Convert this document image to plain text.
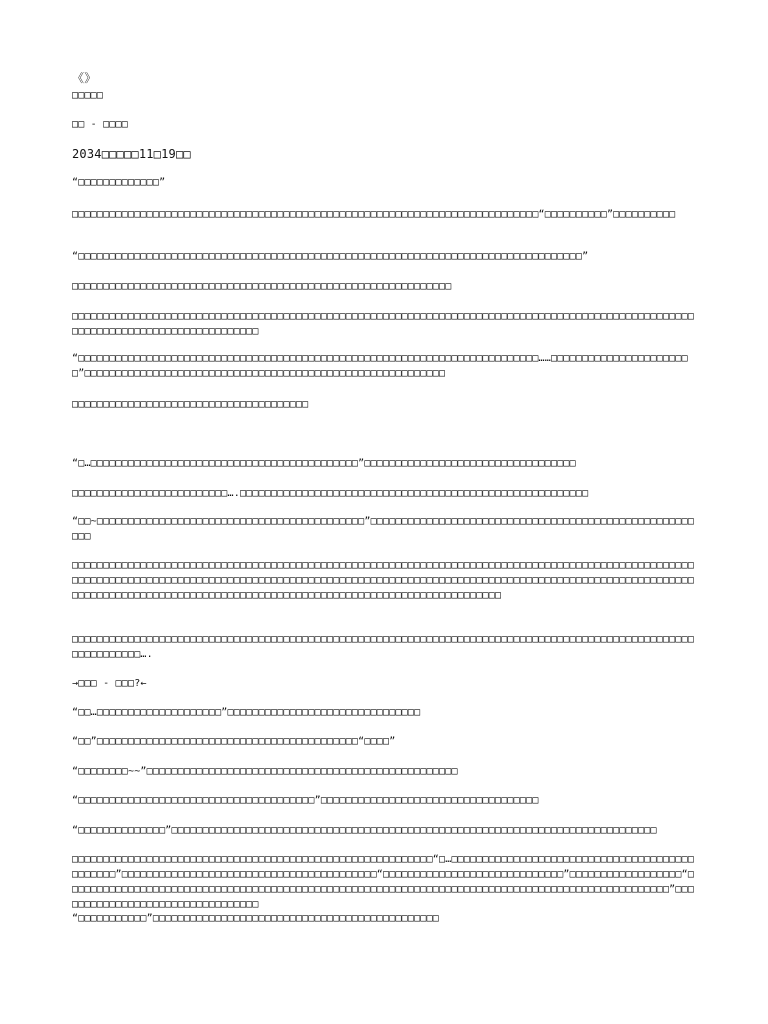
《》
□□□□□
□□ - □□□□
2034□□□□□11□19□□
“□□□□□□□□□□□□□”
□□□□□□□□□□□□□□□□□□□□□□□□□□□□□□□□□□□□□□□□□□□□□□□□□□□□□□□□□□□□□□□□□□□□□□□□□□□“□□□□□□□□□□”□□□□□□□□□□
“□□□□□□□□□□□□□□□□□□□□□□□□□□□□□□□□□□□□□□□□□□□□□□□□□□□□□□□□□□□□□□□□□□□□□□□□□□□□□□□□□”
□□□□□□□□□□□□□□□□□□□□□□□□□□□□□□□□□□□□□□□□□□□□□□□□□□□□□□□□□□□□□
□□□□□□□□□□□□□□□□□□□□□□□□□□□□□□□□□□□□□□□□□□□□□□□□□□□□□□□□□□□□□□□□□□□□□□□□□□□□□□□□□□□□□□□□□□□□□□□□□□□□□□□□□□□□□□□□□□□□□□□□□□□□□□□□□□
“□□□□□□□□□□□□□□□□□□□□□□□□□□□□□□□□□□□□□□□□□□□□□□□□□□□□□□□□□□□□□□□□□□□□□□□□□□……□□□□□□□□□□□□□□□□□□□□□□□”□□□□□□□□□□□□□□□□□□□□□□□□□□□□□□□□□□□□□□□□□□□□□□□□□□□□□□□□□□
□□□□□□□□□□□□□□□□□□□□□□□□□□□□□□□□□□□□□□
“□…□□□□□□□□□□□□□□□□□□□□□□□□□□□□□□□□□□□□□□□□□□□”□□□□□□□□□□□□□□□□□□□□□□□□□□□□□□□□□□
□□□□□□□□□□□□□□□□□□□□□□□□□….□□□□□□□□□□□□□□□□□□□□□□□□□□□□□□□□□□□□□□□□□□□□□□□□□□□□□□□□
“□□~□□□□□□□□□□□□□□□□□□□□□□□□□□□□□□□□□□□□□□□□□□□”□□□□□□□□□□□□□□□□□□□□□□□□□□□□□□□□□□□□□□□□□□□□□□□□□□□□□□□
□□□□□□□□□□□□□□□□□□□□□□□□□□□□□□□□□□□□□□□□□□□□□□□□□□□□□□□□□□□□□□□□□□□□□□□□□□□□□□□□□□□□□□□□□□□□□□□□□□□□□□□□□□□□□□□□□□□□□□□□□□□□□□□□□□□□□□□□□□□□□□□□□□□□□□□□□□□□□□□□□□□□□□□□□□□□□□□□□□□□□□□□□□□□□□□□□□□□□□□□□□□□□□□□□□□□□□□□□□□□□□□□□□□□□□□□□□□□□□□□□□□□□□□□□□□□□□□□□□□□□□□□□□□□□
□□□□□□□□□□□□□□□□□□□□□□□□□□□□□□□□□□□□□□□□□□□□□□□□□□□□□□□□□□□□□□□□□□□□□□□□□□□□□□□□□□□□□□□□□□□□□□□□□□□□□□□□□□□□□□□….
→□□□ - □□□?←
“□□…□□□□□□□□□□□□□□□□□□□□”□□□□□□□□□□□□□□□□□□□□□□□□□□□□□□□
“□□”□□□□□□□□□□□□□□□□□□□□□□□□□□□□□□□□□□□□□□□□□□“□□□□”
“□□□□□□□□~~”□□□□□□□□□□□□□□□□□□□□□□□□□□□□□□□□□□□□□□□□□□□□□□□□□□
“□□□□□□□□□□□□□□□□□□□□□□□□□□□□□□□□□□□□□□”□□□□□□□□□□□□□□□□□□□□□□□□□□□□□□□□□□□
“□□□□□□□□□□□□□□”□□□□□□□□□□□□□□□□□□□□□□□□□□□□□□□□□□□□□□□□□□□□□□□□□□□□□□□□□□□□□□□□□□□□□□□□□□□□□□
□□□□□□□□□□□□□□□□□□□□□□□□□□□□□□□□□□□□□□□□□□□□□□□□□□□□□□□□□□“□…□□□□□□□□□□□□□□□□□□□□□□□□□□□□□□□□□□□□□□□□□□□□□□”□□□□□□□□□□□□□□□□□□□□□□□□□□□□□□□□□□□□□□□□□“□□□□□□□□□□□□□□□□□□□□□□□□□□□□□”□□□□□□□□□□□□□□□□□□“□□□□□□□□□□□□□□□□□□□□□□□□□□□□□□□□□□□□□□□□□□□□□□□□□□□□□□□□□□□□□□□□□□□□□□□□□□□□□□□□□□□□□□□□□□□□□□□□□”□□□□□□□□□□□□□□□□□□□□□□□□□□□□□□□□□
“□□□□□□□□□□□”□□□□□□□□□□□□□□□□□□□□□□□□□□□□□□□□□□□□□□□□□□□□□□
